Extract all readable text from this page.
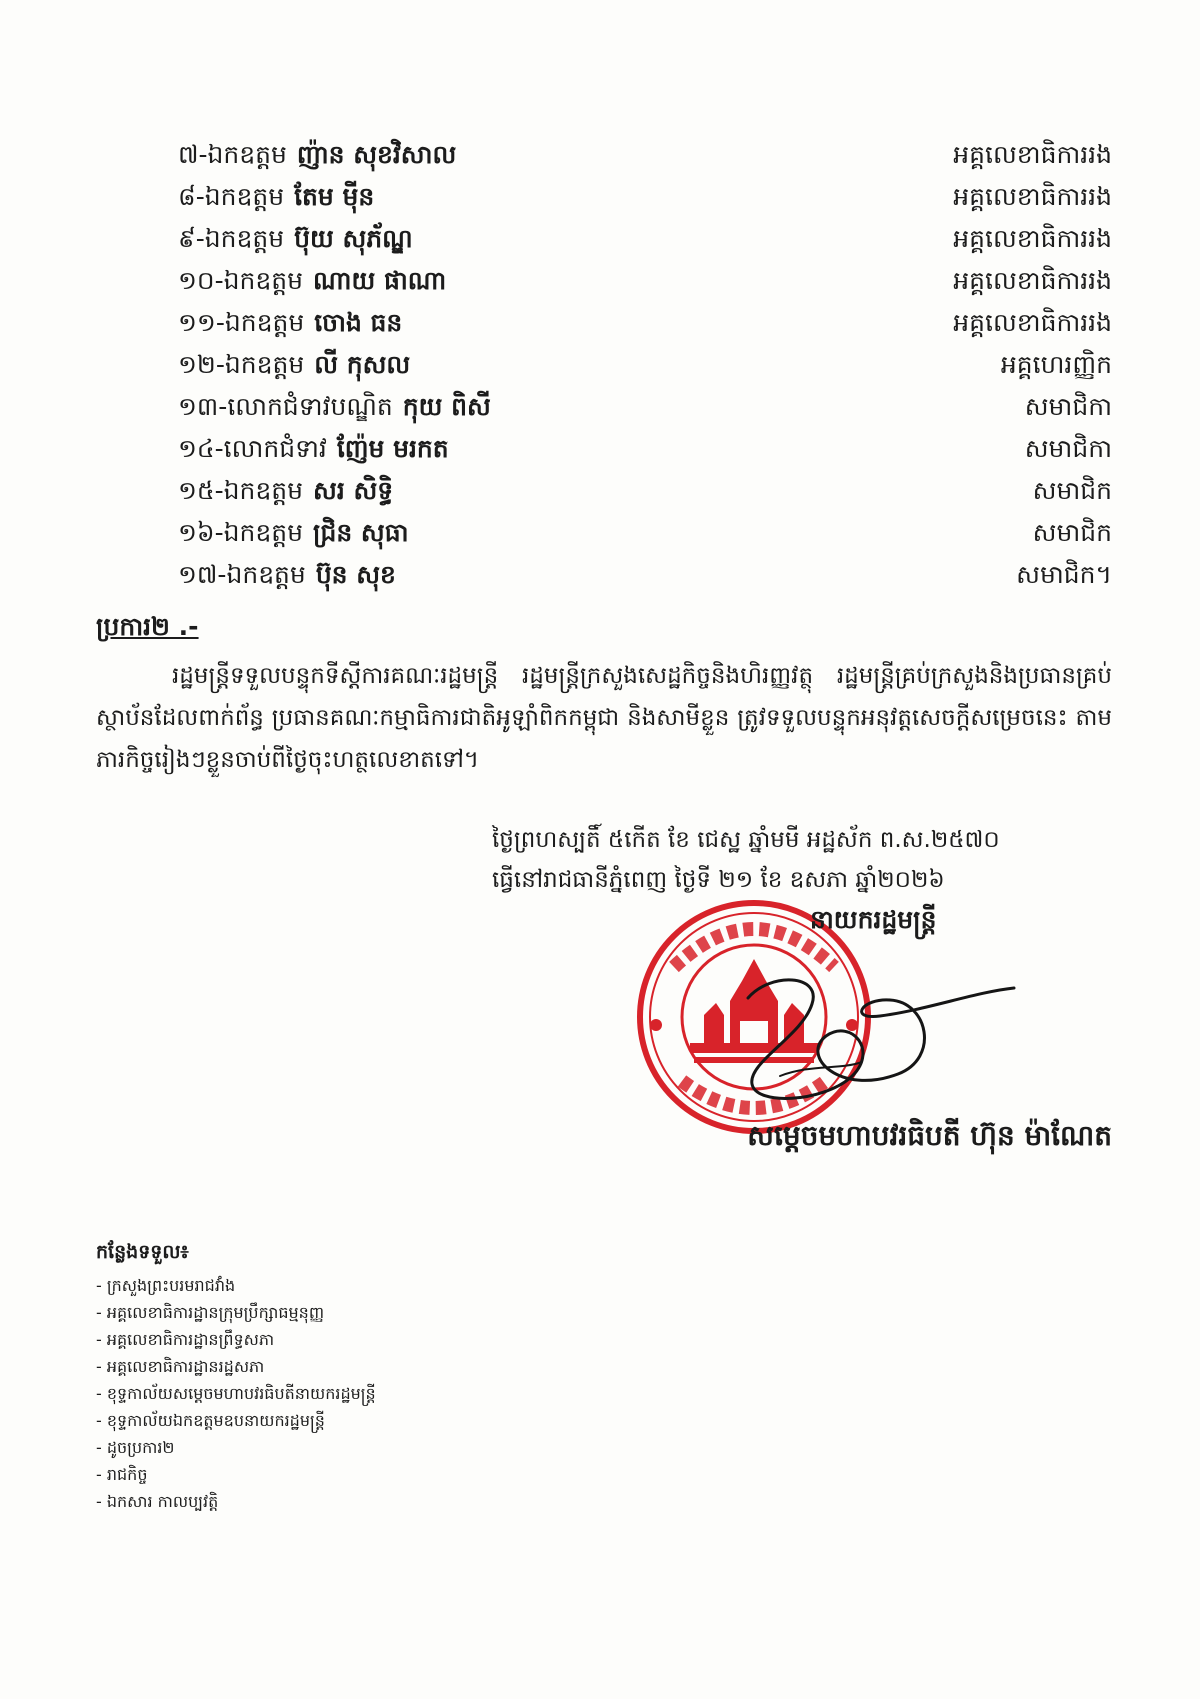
៧-ឯកឧត្តម ញ៉ាន សុខវិសាល	អគ្គលេខាធិការរង
៨-ឯកឧត្តម តែម មុីន	អគ្គលេខាធិការរង
៩-ឯកឧត្តម ប៊ុយ សុភ័ណ្ឌ	អគ្គលេខាធិការរង
១០-ឯកឧត្តម ណាយ ផាណា	អគ្គលេខាធិការរង
១១-ឯកឧត្តម ចោង ធន	អគ្គលេខាធិការរង
១២-ឯកឧត្តម លី កុសល	អគ្គហេរញ្ញិក
១៣-លោកជំទាវបណ្ឌិត កុយ ពិសី	សមាជិកា
១៤-លោកជំទាវ ញ៉ែម មរកត	សមាជិកា
១៥-ឯកឧត្តម សរ សិទ្ធិ	សមាជិក
១៦-ឯកឧត្តម ជ្រិន សុធា	សមាជិក
១៧-ឯកឧត្តម ប៊ុន សុខ	សមាជិក។
ប្រការ២ .-
រដ្ឋមន្ត្រីទទួលបន្ទុកទីស្តីការគណៈរដ្ឋមន្ត្រី រដ្ឋមន្ត្រីក្រសួងសេដ្ឋកិច្ចនិងហិរញ្ញវត្ថុ រដ្ឋមន្ត្រីគ្រប់ក្រសួងនិងប្រធានគ្រប់ស្ថាប័នដែលពាក់ព័ន្ធ ប្រធានគណៈកម្មាធិការជាតិអូឡាំពិកកម្ពុជា និងសាមីខ្លួន ត្រូវទទួលបន្ទុកអនុវត្តសេចក្តីសម្រេចនេះ តាមភារកិច្ចរៀងៗខ្លួនចាប់ពីថ្ងៃចុះហត្ថលេខាតទៅ។
ថ្ងៃព្រហស្បតិ៍ ៥កើត ខែ ជេស្ឋ ឆ្នាំមមី អដ្ឋស័ក ព.ស.២៥៧០
ធ្វើនៅរាជធានីភ្នំពេញ ថ្ងៃទី ២១ ខែ ឧសភា ឆ្នាំ២០២៦
នាយករដ្ឋមន្ត្រី
សម្តេចមហាបវរធិបតី ហ៊ុន ម៉ាណែត
កន្លែងទទួល៖
- ក្រសួងព្រះបរមរាជវាំង
- អគ្គលេខាធិការដ្ឋានក្រុមប្រឹក្សាធម្មនុញ្ញ
- អគ្គលេខាធិការដ្ឋានព្រឹទ្ធសភា
- អគ្គលេខាធិការដ្ឋានរដ្ឋសភា
- ខុទ្ទកាល័យសម្តេចមហាបវរធិបតីនាយករដ្ឋមន្ត្រី
- ខុទ្ទកាល័យឯកឧត្តមឧបនាយករដ្ឋមន្ត្រី
- ដូចប្រការ២
- រាជកិច្ច
- ឯកសារ កាលប្បវត្តិ
